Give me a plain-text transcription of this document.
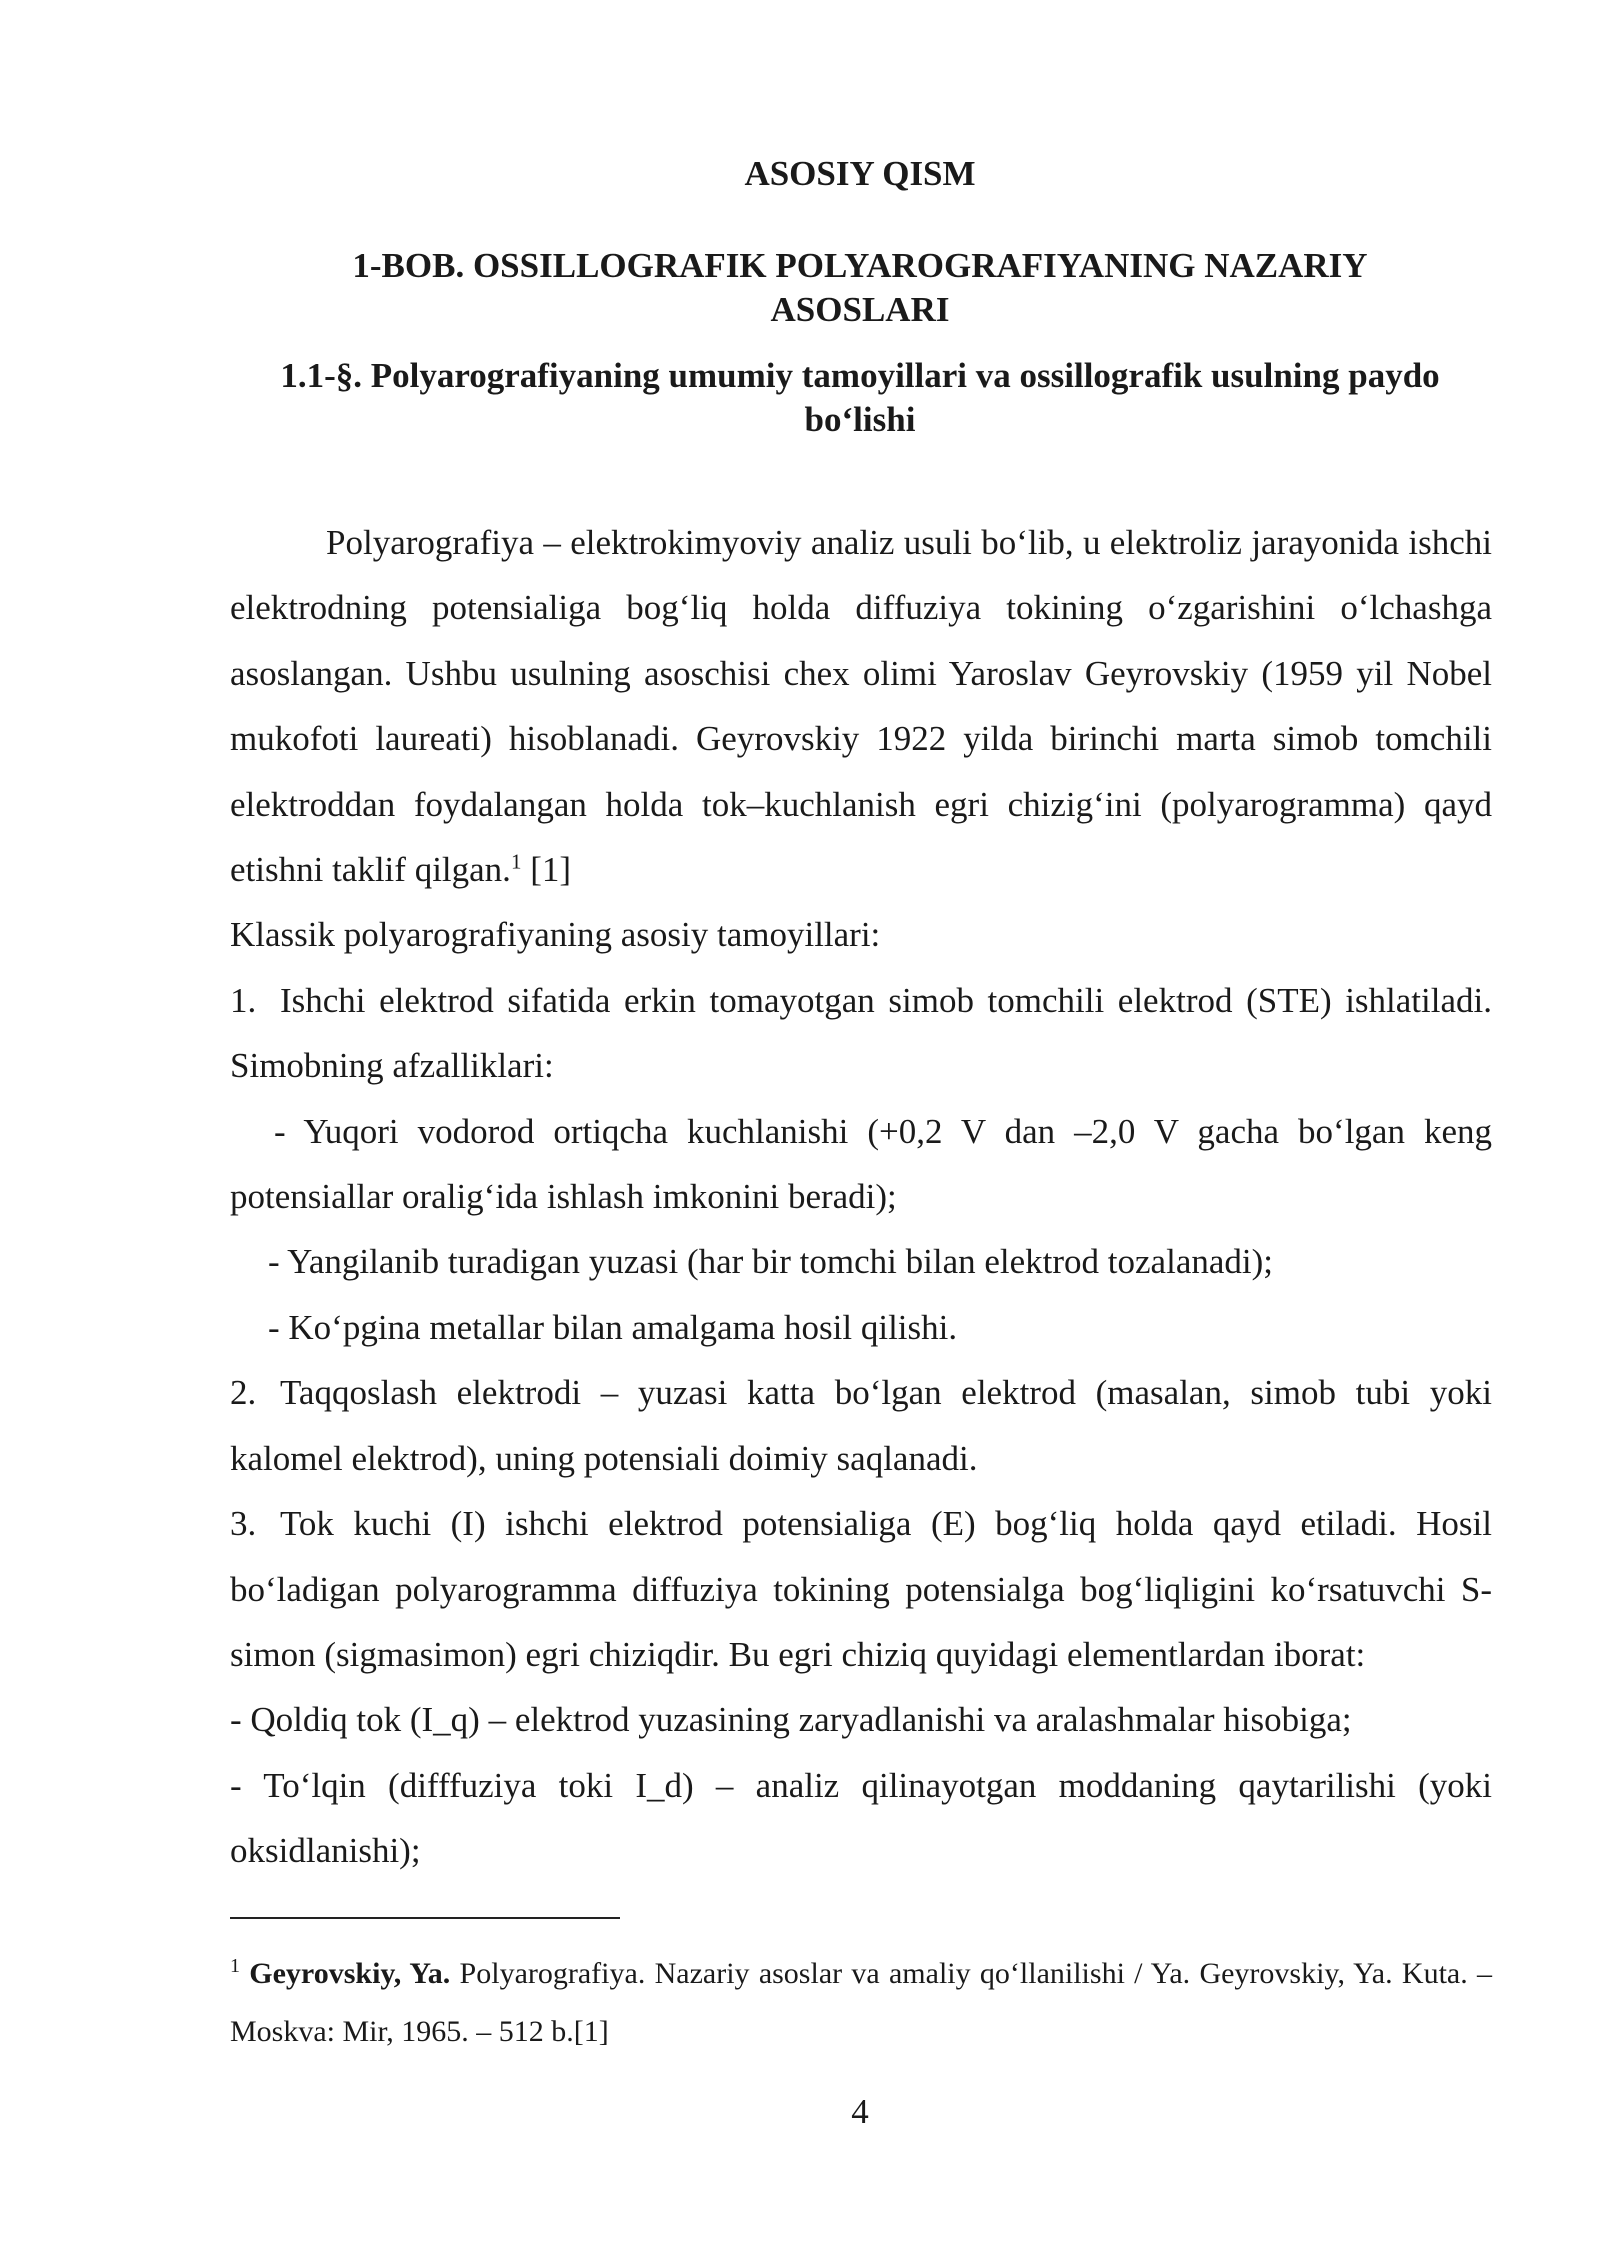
ASOSIY QISM
1-BOB. OSSILLOGRAFIK POLYAROGRAFIYANING NAZARIY
ASOSLARI
1.1-§. Polyarografiyaning umumiy tamoyillari va ossillografik usulning paydo
bo‘lishi

Polyarografiya – elektrokimyoviy analiz usuli bo‘lib, u elektroliz jarayonida ishchi elektrodning potensialiga bog‘liq holda diffuziya tokining o‘zgarishini o‘lchashga asoslangan. Ushbu usulning asoschisi chex olimi Yaroslav Geyrovskiy (1959 yil Nobel mukofoti laureati) hisoblanadi. Geyrovskiy 1922 yilda birinchi marta simob tomchili elektroddan foydalangan holda tok–kuchlanish egri chizig‘ini (polyarogramma) qayd etishni taklif qilgan.$^1$ [1]

Klassik polyarografiyaning asosiy tamoyillari:

1. Ishchi elektrod sifatida erkin tomayotgan simob tomchili elektrod (STE) ishlatiladi. Simobning afzalliklari:

- Yuqori vodorod ortiqcha kuchlanishi (+0,2 V dan –2,0 V gacha bo‘lgan keng potensiallar oralig‘ida ishlash imkonini beradi);

- Yangilanib turadigan yuzasi (har bir tomchi bilan elektrod tozalanadi);

- Ko‘pgina metallar bilan amalgama hosil qilishi.

2. Taqqoslash elektrodi – yuzasi katta bo‘lgan elektrod (masalan, simob tubi yoki kalomel elektrod), uning potensiali doimiy saqlanadi.

3. Tok kuchi (I) ishchi elektrod potensialiga (E) bog‘liq holda qayd etiladi. Hosil bo‘ladigan polyarogramma diffuziya tokining potensialga bog‘liqligini ko‘rsatuvchi S-simon (sigmasimon) egri chiziqdir. Bu egri chiziq quyidagi elementlardan iborat:

- Qoldiq tok (I_q) – elektrod yuzasining zaryadlanishi va aralashmalar hisobiga;

- To‘lqin (difffuziya toki I_d) – analiz qilinayotgan moddaning qaytarilishi (yoki oksidlanishi);

$^1$ Geyrovskiy, Ya. Polyarografiya. Nazariy asoslar va amaliy qo‘llanilishi / Ya. Geyrovskiy, Ya. Kuta. – Moskva: Mir, 1965. – 512 b.[1]

4
